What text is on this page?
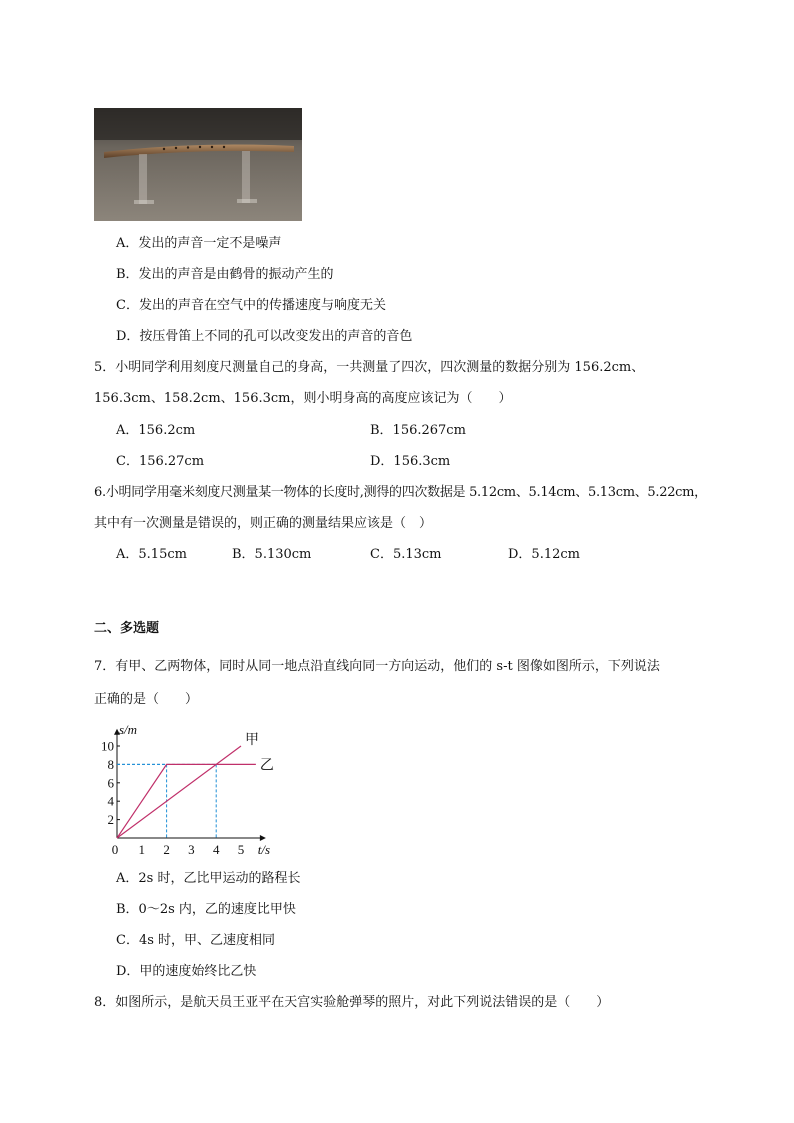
A．发出的声音一定不是噪声
B．发出的声音是由鹤骨的振动产生的
C．发出的声音在空气中的传播速度与响度无关
D．按压骨笛上不同的孔可以改变发出的声音的音色
5．小明同学利用刻度尺测量自己的身高，一共测量了四次，四次测量的数据分别为 156.2cm、
156.3cm、158.2cm、156.3cm，则小明身高的高度应该记为（　　）
A．156.2cm	B．156.267cm
C．156.27cm	D．156.3cm
6.小明同学用毫米刻度尺测量某一物体的长度时,测得的四次数据是 5.12cm、5.14cm、5.13cm、5.22cm，
其中有一次测量是错误的，则正确的测量结果应该是（　）
A．5.15cm	B．5.130cm	C．5.13cm	D．5.12cm
二、多选题
7．有甲、乙两物体，同时从同一地点沿直线向同一方向运动，他们的 s-t 图像如图所示，下列说法
正确的是（　　）
0 1 2 3 4 5
2
4
6
8
10
s/m
t/s
甲
乙
A．2s 时，乙比甲运动的路程长
B．0～2s 内，乙的速度比甲快
C．4s 时，甲、乙速度相同
D．甲的速度始终比乙快
8．如图所示，是航天员王亚平在天宫实验舱弹琴的照片，对此下列说法错误的是（　　）
